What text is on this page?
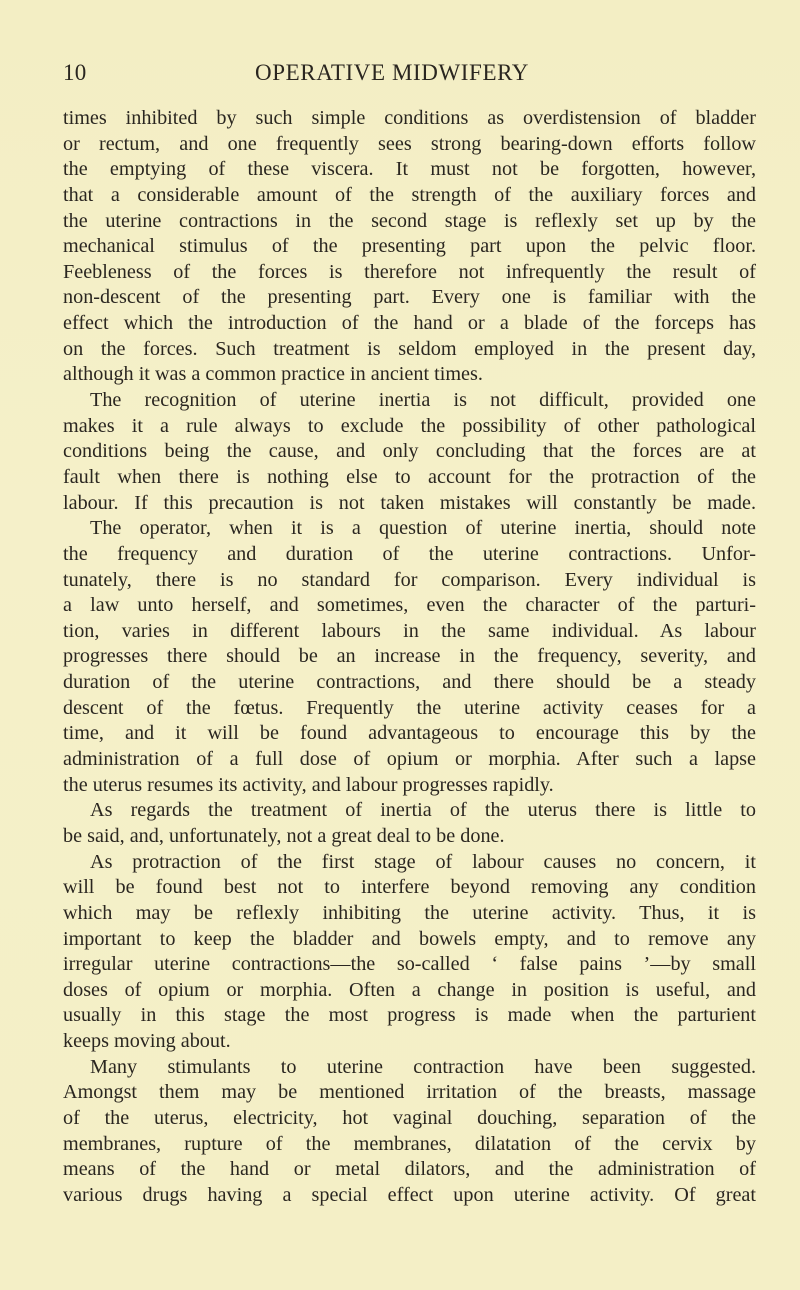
10	OPERATIVE MIDWIFERY
times inhibited by such simple conditions as overdistension of bladder
or rectum, and one frequently sees strong bearing-down efforts follow
the emptying of these viscera. It must not be forgotten, however,
that a considerable amount of the strength of the auxiliary forces and
the uterine contractions in the second stage is reflexly set up by the
mechanical stimulus of the presenting part upon the pelvic floor.
Feebleness of the forces is therefore not infrequently the result of
non-descent of the presenting part. Every one is familiar with the
effect which the introduction of the hand or a blade of the forceps has
on the forces. Such treatment is seldom employed in the present day,
although it was a common practice in ancient times.
The recognition of uterine inertia is not difficult, provided one
makes it a rule always to exclude the possibility of other pathological
conditions being the cause, and only concluding that the forces are at
fault when there is nothing else to account for the protraction of the
labour. If this precaution is not taken mistakes will constantly be made.
The operator, when it is a question of uterine inertia, should note
the frequency and duration of the uterine contractions. Unfor-
tunately, there is no standard for comparison. Every individual is
a law unto herself, and sometimes, even the character of the parturi-
tion, varies in different labours in the same individual. As labour
progresses there should be an increase in the frequency, severity, and
duration of the uterine contractions, and there should be a steady
descent of the fœtus. Frequently the uterine activity ceases for a
time, and it will be found advantageous to encourage this by the
administration of a full dose of opium or morphia. After such a lapse
the uterus resumes its activity, and labour progresses rapidly.
As regards the treatment of inertia of the uterus there is little to
be said, and, unfortunately, not a great deal to be done.
As protraction of the first stage of labour causes no concern, it
will be found best not to interfere beyond removing any condition
which may be reflexly inhibiting the uterine activity. Thus, it is
important to keep the bladder and bowels empty, and to remove any
irregular uterine contractions—the so-called ‘ false pains ’—by small
doses of opium or morphia. Often a change in position is useful, and
usually in this stage the most progress is made when the parturient
keeps moving about.
Many stimulants to uterine contraction have been suggested.
Amongst them may be mentioned irritation of the breasts, massage
of the uterus, electricity, hot vaginal douching, separation of the
membranes, rupture of the membranes, dilatation of the cervix by
means of the hand or metal dilators, and the administration of
various drugs having a special effect upon uterine activity. Of great
